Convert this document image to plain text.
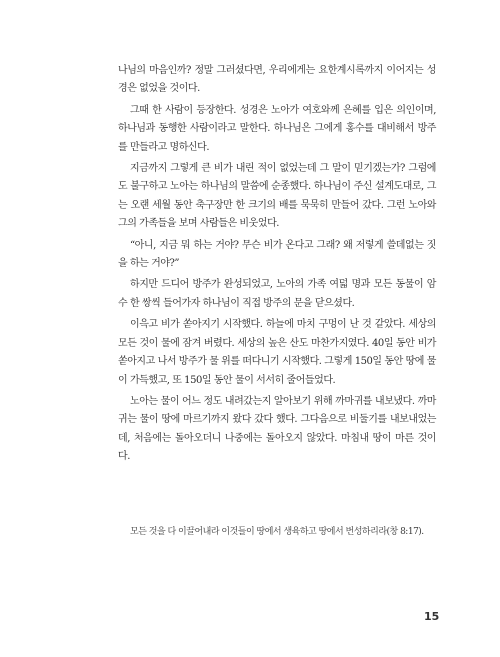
나님의 마음인까? 정말 그러셨다면, 우리에게는 요한계시록까지 이어지는 성경은 없었을 것이다.

그때 한 사람이 등장한다. 성경은 노아가 여호와께 은혜를 입은 의인이며, 하나님과 동행한 사람이라고 말한다. 하나님은 그에게 홍수를 대비해서 방주를 만들라고 명하신다.

지금까지 그렇게 큰 비가 내린 적이 없었는데 그 말이 믿기겠는가? 그럼에도 불구하고 노아는 하나님의 말씀에 순종했다. 하나님이 주신 설계도대로, 그는 오랜 세월 동안 축구장만 한 크기의 배를 묵묵히 만들어 갔다. 그런 노아와 그의 가족들을 보며 사람들은 비웃었다.

“아니, 지금 뭐 하는 거야? 무슨 비가 온다고 그래? 왜 저렇게 쓸데없는 짓을 하는 거야?”

하지만 드디어 방주가 완성되었고, 노아의 가족 여덟 명과 모든 동물이 암수 한 쌍씩 들어가자 하나님이 직접 방주의 문을 닫으셨다.

이윽고 비가 쏟아지기 시작했다. 하늘에 마치 구멍이 난 것 같았다. 세상의 모든 것이 물에 잠겨 버렸다. 세상의 높은 산도 마찬가지였다. 40일 동안 비가 쏟아지고 나서 방주가 물 위를 떠다니기 시작했다. 그렇게 150일 동안 땅에 물이 가득했고, 또 150일 동안 물이 서서히 줄어들었다.

노아는 물이 어느 정도 내려갔는지 알아보기 위해 까마귀를 내보냈다. 까마귀는 물이 땅에 마르기까지 왔다 갔다 했다. 그다음으로 비둘기를 내보내었는데, 처음에는 돌아오더니 나중에는 돌아오지 않았다. 마침내 땅이 마른 것이다.

모든 것을 다 이끌어내라 이것들이 땅에서 생육하고 땅에서 번성하리라(창 8:17).
15
